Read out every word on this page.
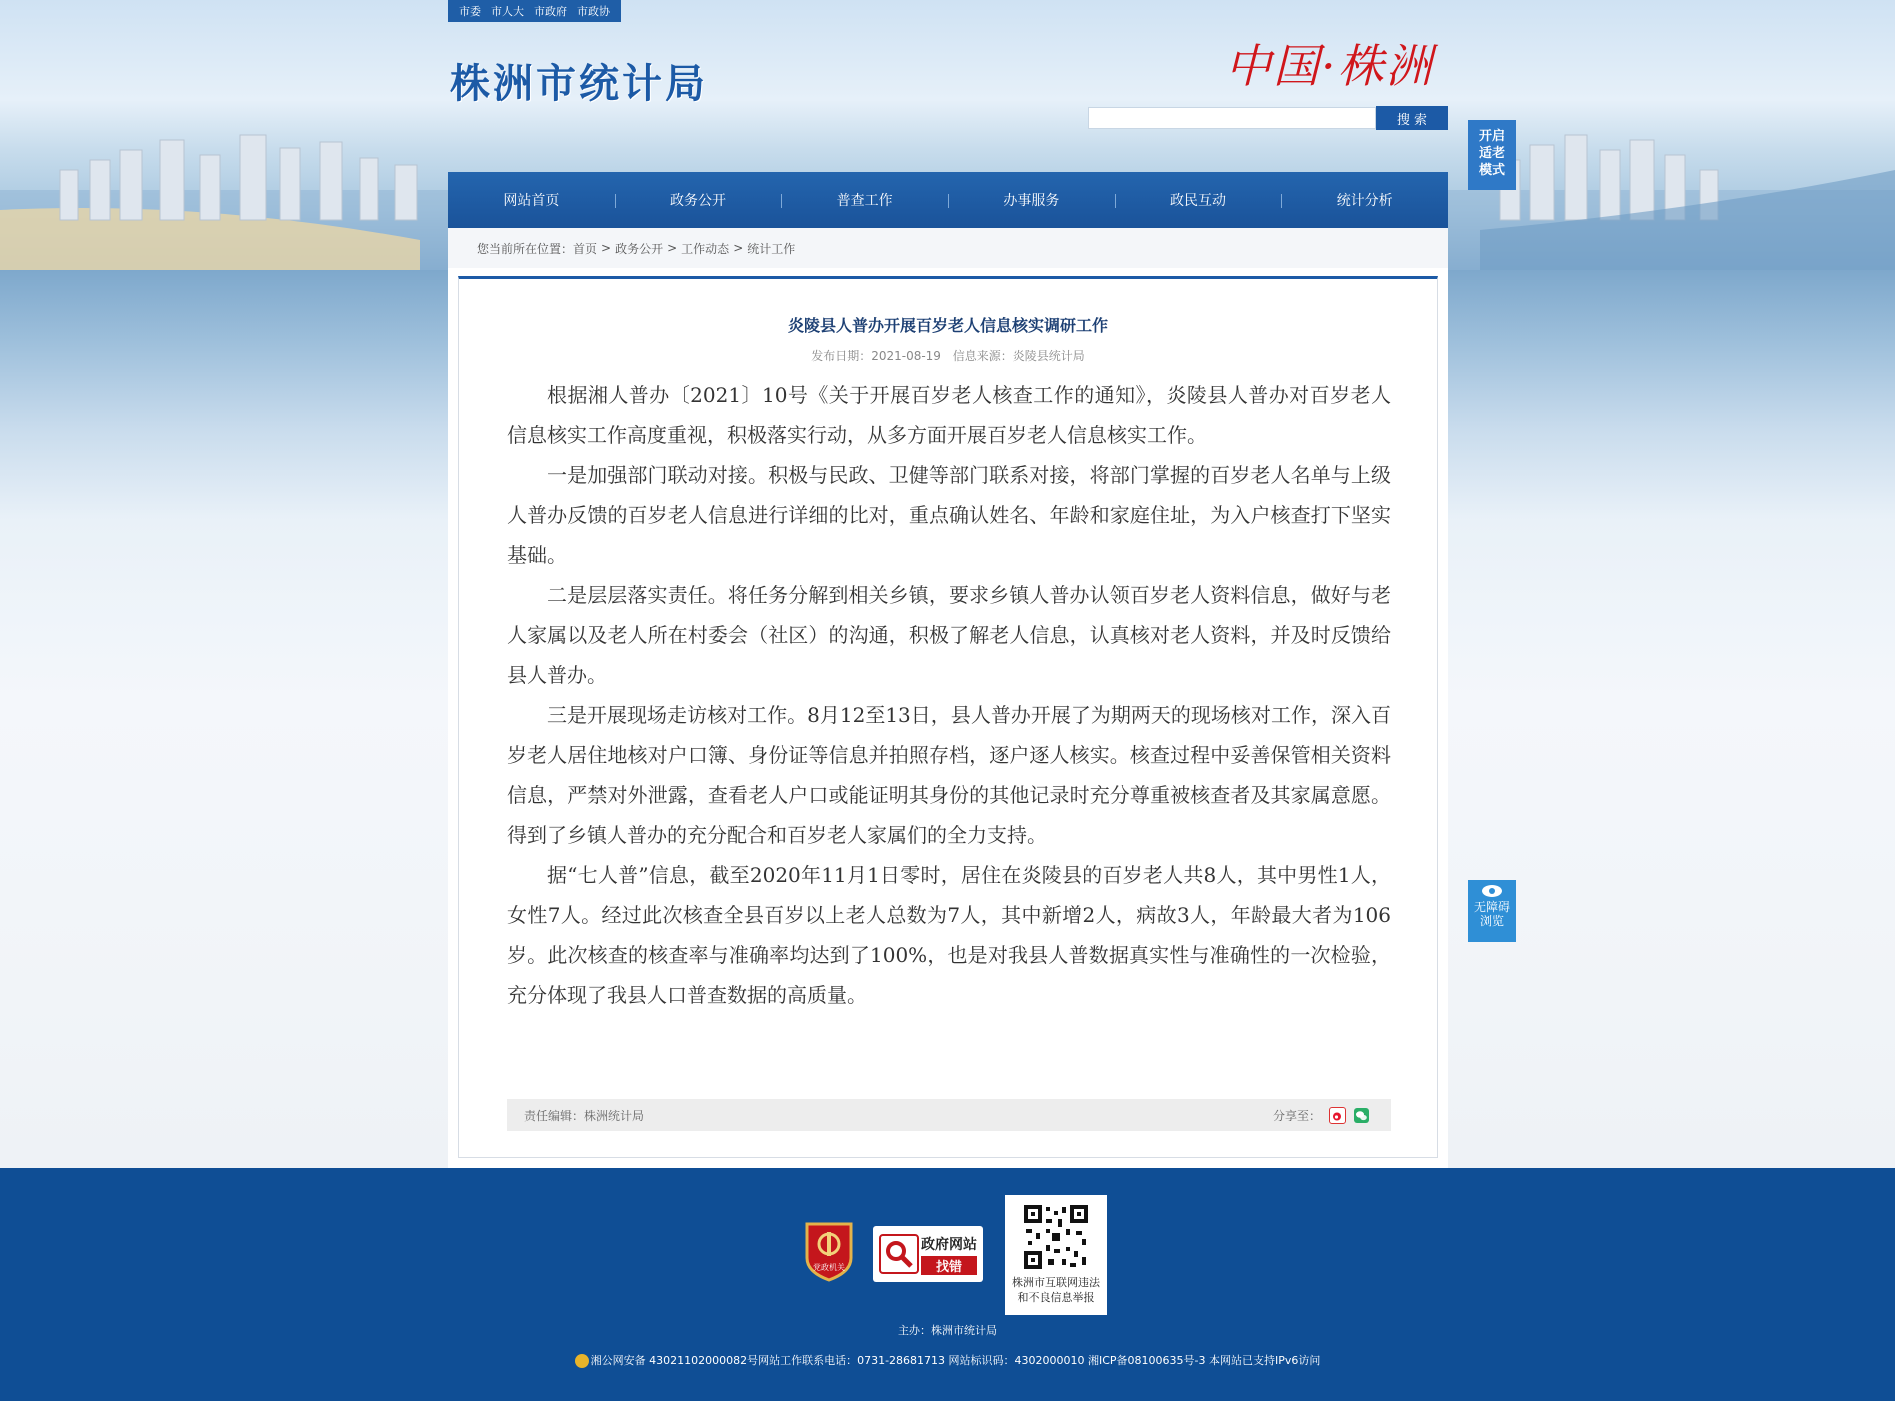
市委 市人大 市政府 市政协
株洲市统计局	中国·株洲
搜 索
开启
适老
模式
网站首页	政务公开	普查工作	办事服务	政民互动	统计分析
您当前所在位置： 首页 > 政务公开 > 工作动态 > 统计工作
炎陵县人普办开展百岁老人信息核实调研工作
发布日期：2021-08-19 信息来源：炎陵县统计局

根据湘人普办〔2021〕10号《关于开展百岁老人核查工作的通知》，炎陵县人普办对百岁老人信息核实工作高度重视，积极落实行动，从多方面开展百岁老人信息核实工作。

一是加强部门联动对接。积极与民政、卫健等部门联系对接，将部门掌握的百岁老人名单与上级人普办反馈的百岁老人信息进行详细的比对，重点确认姓名、年龄和家庭住址，为入户核查打下坚实基础。

二是层层落实责任。将任务分解到相关乡镇，要求乡镇人普办认领百岁老人资料信息，做好与老人家属以及老人所在村委会（社区）的沟通，积极了解老人信息，认真核对老人资料，并及时反馈给县人普办。

三是开展现场走访核对工作。8月12至13日，县人普办开展了为期两天的现场核对工作，深入百岁老人居住地核对户口簿、身份证等信息并拍照存档，逐户逐人核实。核查过程中妥善保管相关资料信息，严禁对外泄露，查看老人户口或能证明其身份的其他记录时充分尊重被核查者及其家属意愿。得到了乡镇人普办的充分配合和百岁老人家属们的全力支持。

据“七人普”信息，截至2020年11月1日零时，居住在炎陵县的百岁老人共8人，其中男性1人，女性7人。经过此次核查全县百岁以上老人总数为7人，其中新增2人，病故3人，年龄最大者为106岁。此次核查的核查率与准确率均达到了100%，也是对我县人普数据真实性与准确性的一次检验，充分体现了我县人口普查数据的高质量。

责任编辑：株洲统计局	分享至：
无障碍
浏览
党政机关
政府网站
找错
株洲市互联网违法
和不良信息举报
主办：株洲市统计局
湘公网安备 43021102000082号网站工作联系电话：0731-28681713 网站标识码：4302000010 湘ICP备08100635号-3 本网站已支持IPv6访问
